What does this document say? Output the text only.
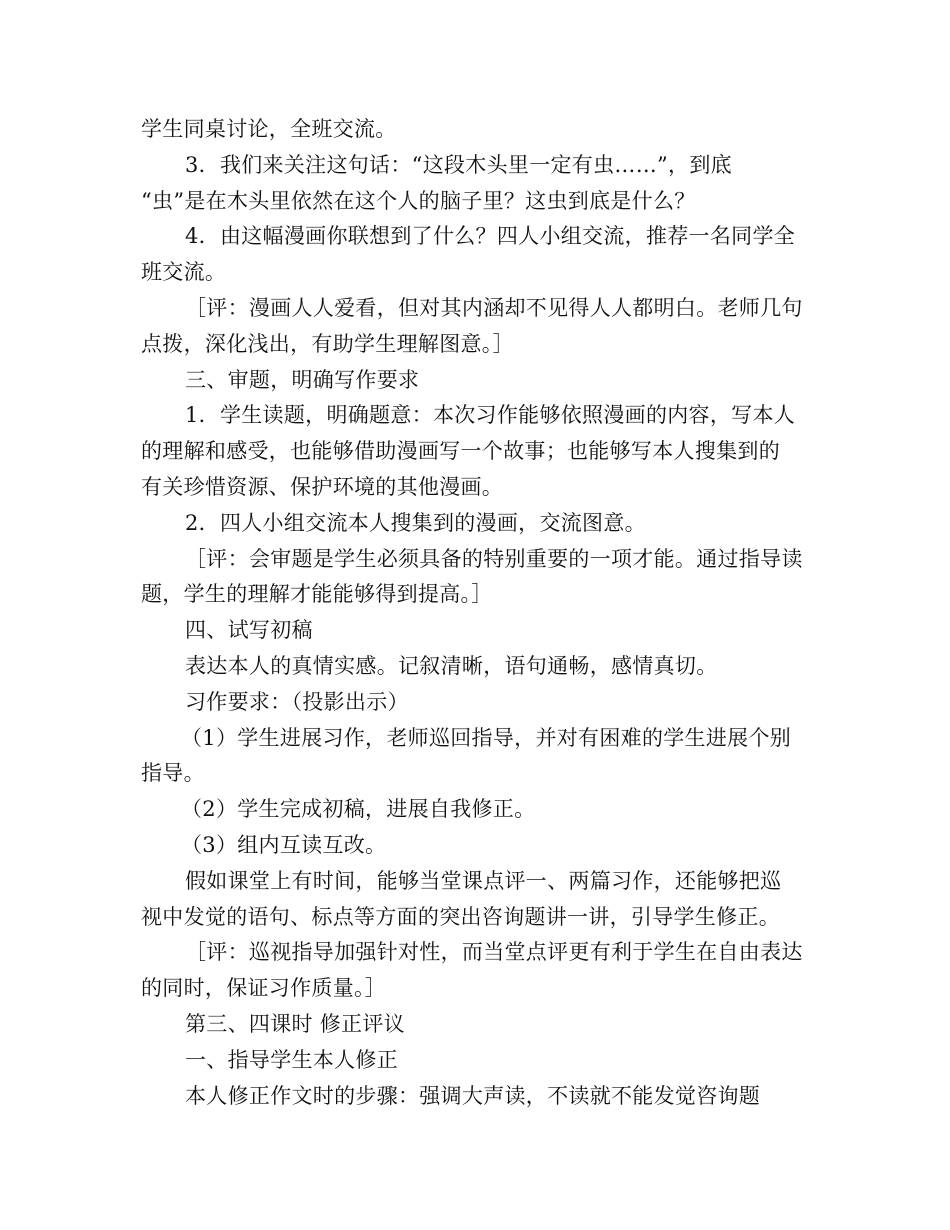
学生同桌讨论，全班交流。
3．我们来关注这句话：“这段木头里一定有虫……”，到底
“虫”是在木头里依然在这个人的脑子里？这虫到底是什么？
4．由这幅漫画你联想到了什么？四人小组交流，推荐一名同学全
班交流。
［评：漫画人人爱看，但对其内涵却不见得人人都明白。老师几句
点拨，深化浅出，有助学生理解图意。］
三、审题，明确写作要求
1．学生读题，明确题意：本次习作能够依照漫画的内容，写本人
的理解和感受，也能够借助漫画写一个故事；也能够写本人搜集到的
有关珍惜资源、保护环境的其他漫画。
2．四人小组交流本人搜集到的漫画，交流图意。
［评：会审题是学生必须具备的特别重要的一项才能。通过指导读
题，学生的理解才能能够得到提高。］
四、试写初稿
表达本人的真情实感。记叙清晰，语句通畅，感情真切。
习作要求：（投影出示）
（1）学生进展习作，老师巡回指导，并对有困难的学生进展个别
指导。
（2）学生完成初稿，进展自我修正。
（3）组内互读互改。
假如课堂上有时间，能够当堂课点评一、两篇习作，还能够把巡
视中发觉的语句、标点等方面的突出咨询题讲一讲，引导学生修正。
［评：巡视指导加强针对性，而当堂点评更有利于学生在自由表达
的同时，保证习作质量。］
第三、四课时 修正评议
一、指导学生本人修正
本人修正作文时的步骤：强调大声读，不读就不能发觉咨询题
